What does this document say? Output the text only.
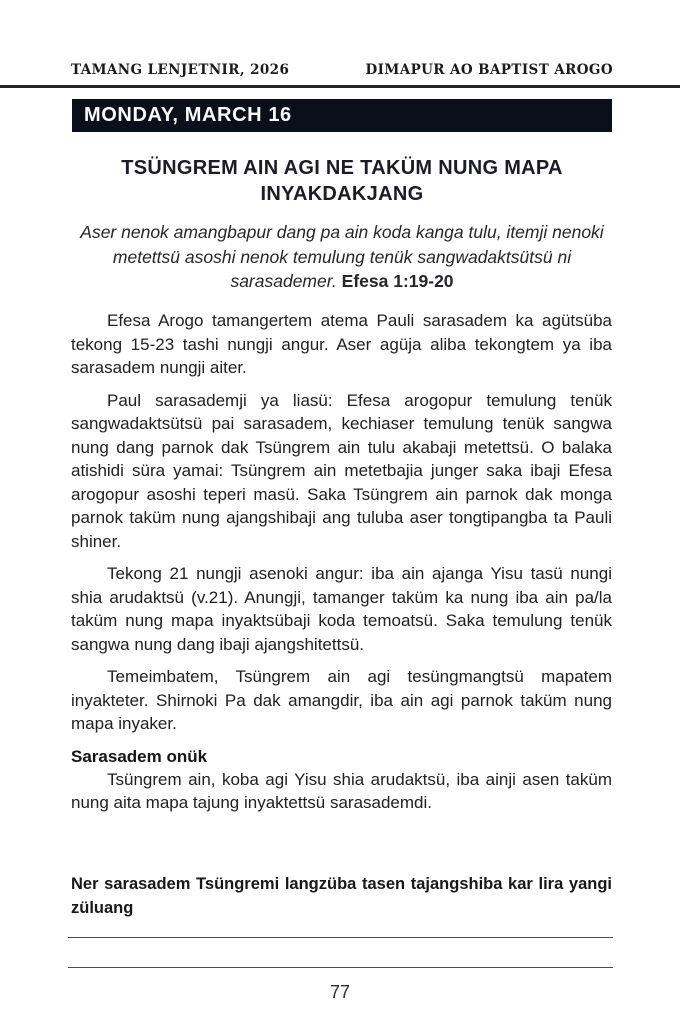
TAMANG LENJETNIR, 2026	DIMAPUR AO BAPTIST AROGO
MONDAY, MARCH 16
TSÜNGREM AIN AGI NE TAKÜM NUNG MAPA INYAKDAKJANG

Aser nenok amangbapur dang pa ain koda kanga tulu, itemji nenoki metettsü asoshi nenok temulung tenük sangwadaktsütsü ni sarasademer. Efesa 1:19-20

Efesa Arogo tamangertem atema Pauli sarasadem ka agütsüba tekong 15-23 tashi nungji angur. Aser agüja aliba tekongtem ya iba sarasadem nungji aiter.

Paul sarasademji ya liasü: Efesa arogopur temulung tenük sangwadaktsütsü pai sarasadem, kechiaser temulung tenük sangwa nung dang parnok dak Tsüngrem ain tulu akabaji metettsü. O balaka atishidi süra yamai: Tsüngrem ain metetbajia junger saka ibaji Efesa arogopur asoshi teperi masü. Saka Tsüngrem ain parnok dak monga parnok taküm nung ajangshibaji ang tuluba aser tongtipangba ta Pauli shiner.

Tekong 21 nungji asenoki angur: iba ain ajanga Yisu tasü nungi shia arudaktsü (v.21). Anungji, tamanger taküm ka nung iba ain pa/la taküm nung mapa inyaktsübaji koda temoatsü. Saka temulung tenük sangwa nung dang ibaji ajangshitettsü.

Temeimbatem, Tsüngrem ain agi tesüngmangtsü mapatem inyakteter. Shirnoki Pa dak amangdir, iba ain agi parnok taküm nung mapa inyaker.

Sarasadem onük

Tsüngrem ain, koba agi Yisu shia arudaktsü, iba ainji asen taküm nung aita mapa tajung inyaktettsü sarasademdi.

Ner sarasadem Tsüngremi langzüba tasen tajangshiba kar lira yangi züluang

77
